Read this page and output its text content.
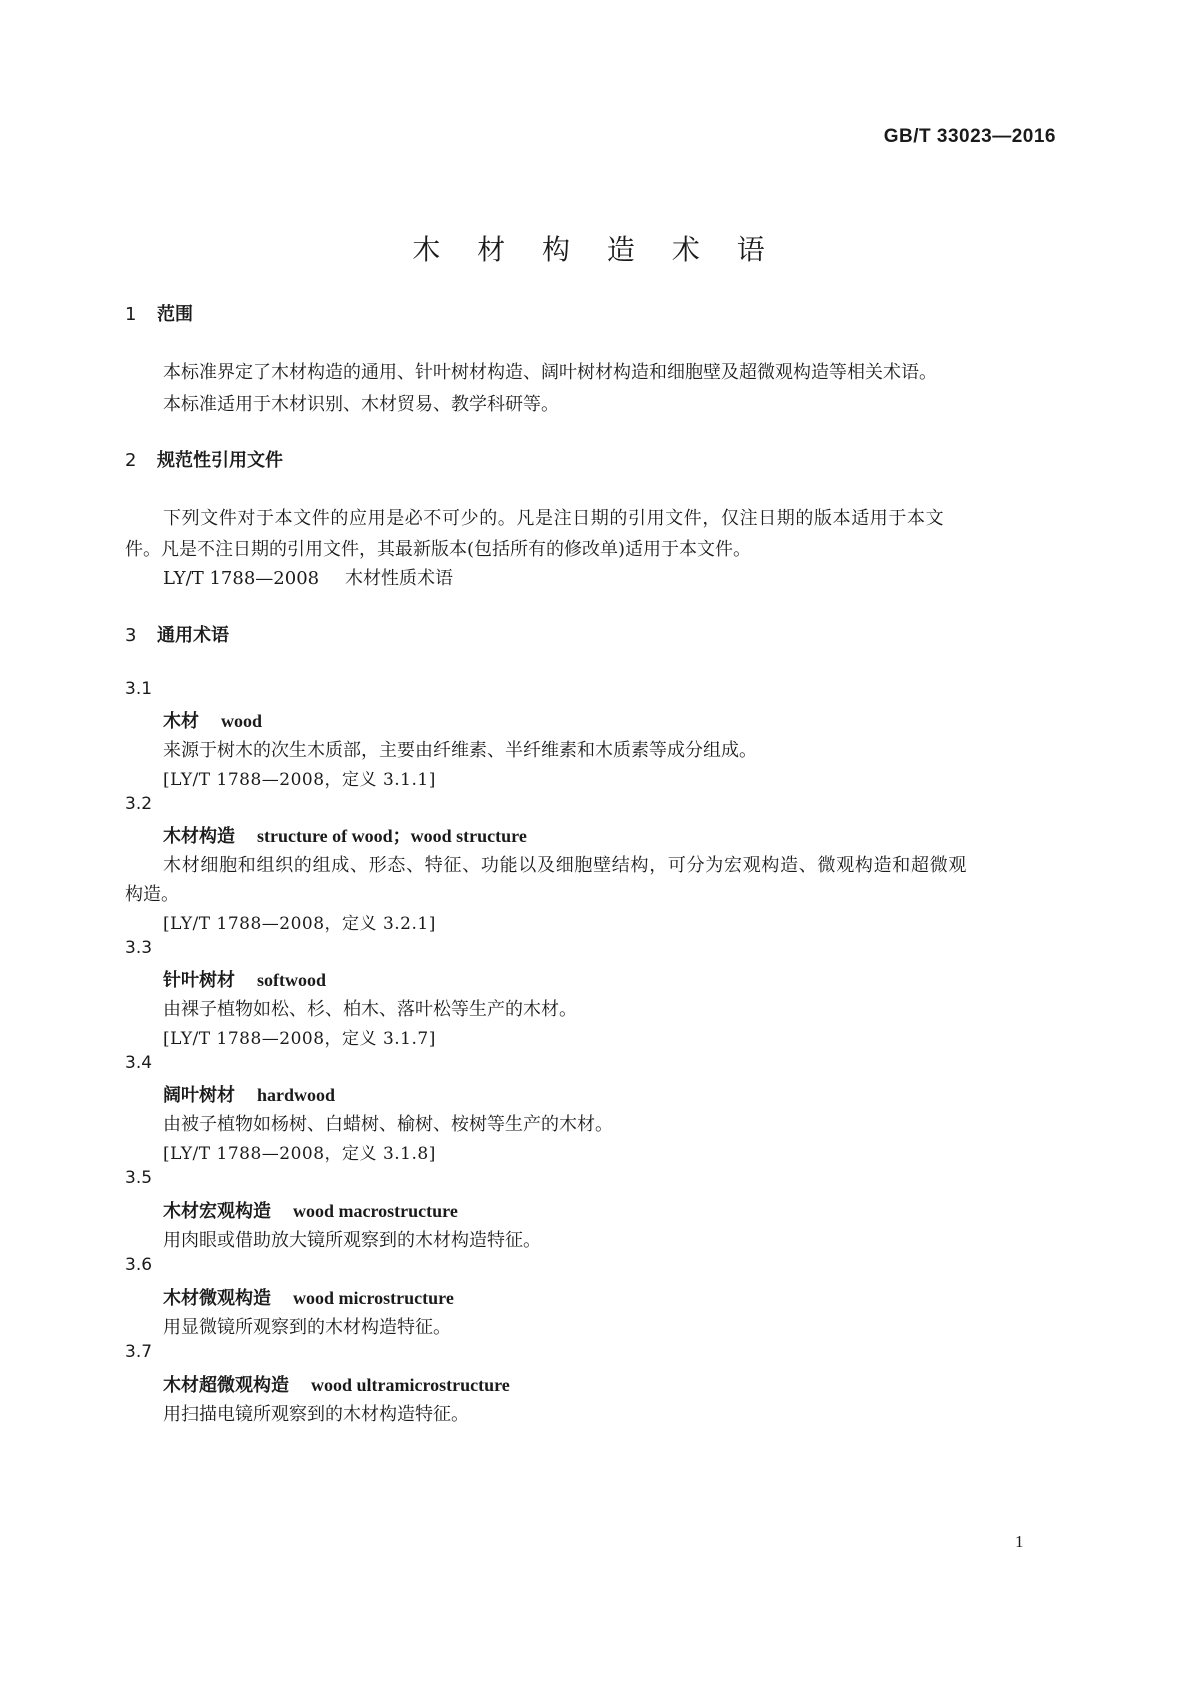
GB/T 33023—2016
木 材 构 造 术 语
1 范围
本标准界定了木材构造的通用、针叶树材构造、阔叶树材构造和细胞壁及超微观构造等相关术语。
本标准适用于木材识别、木材贸易、教学科研等。
2 规范性引用文件
下列文件对于本文件的应用是必不可少的。凡是注日期的引用文件，仅注日期的版本适用于本文
件。凡是不注日期的引用文件，其最新版本(包括所有的修改单)适用于本文件。
LY/T 1788—2008 木材性质术语
3 通用术语
3.1
木材 wood
来源于树木的次生木质部，主要由纤维素、半纤维素和木质素等成分组成。
[LY/T 1788—2008，定义 3.1.1]
3.2
木材构造 structure of wood；wood structure
木材细胞和组织的组成、形态、特征、功能以及细胞壁结构，可分为宏观构造、微观构造和超微观
构造。
[LY/T 1788—2008，定义 3.2.1]
3.3
针叶树材 softwood
由裸子植物如松、杉、柏木、落叶松等生产的木材。
[LY/T 1788—2008，定义 3.1.7]
3.4
阔叶树材 hardwood
由被子植物如杨树、白蜡树、榆树、桉树等生产的木材。
[LY/T 1788—2008，定义 3.1.8]
3.5
木材宏观构造 wood macrostructure
用肉眼或借助放大镜所观察到的木材构造特征。
3.6
木材微观构造 wood microstructure
用显微镜所观察到的木材构造特征。
3.7
木材超微观构造 wood ultramicrostructure
用扫描电镜所观察到的木材构造特征。
1
